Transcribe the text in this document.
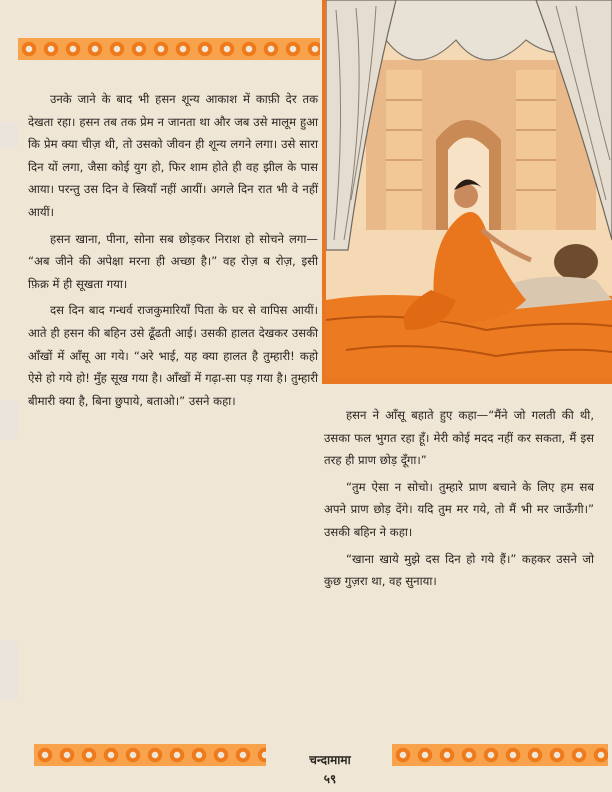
उनके जाने के बाद भी हसन शून्य आकाश में काफ़ी देर तक देखता रहा। हसन तब तक प्रेम न जानता था और जब उसे मालूम हुआ कि प्रेम क्या चीज़ थी, तो उसको जीवन ही शून्य लगने लगा। उसे सारा दिन यों लगा, जैसा कोई युग हो, फिर शाम होते ही वह झील के पास आया। परन्तु उस दिन वे स्त्रियाँ नहीं आयीं। अगले दिन रात भी वे नहीं आयीं।

हसन खाना, पीना, सोना सब छोड़कर निराश हो सोचने लगा— “अब जीने की अपेक्षा मरना ही अच्छा है।” वह रोज़ ब रोज़, इसी फ़िक्र में ही सूखता गया।

दस दिन बाद गन्धर्व राजकुमारियाँ पिता के घर से वापिस आयीं। आते ही हसन की बहिन उसे ढूँढती आई। उसकी हालत देखकर उसकी आँखों में आँसू आ गये। “अरे भाई, यह क्या हालत है तुम्हारी! कहो ऐसे हो गये हो! मुँह सूख गया है। आँखों में गढ़ा-सा पड़ गया है। तुम्हारी बीमारी क्या है, बिना छुपाये, बताओ।” उसने कहा।

हसन ने आँसू बहाते हुए कहा—“मैंने जो गलती की थी, उसका फल भुगत रहा हूँ। मेरी कोई मदद नहीं कर सकता, मैं इस तरह ही प्राण छोड़ दूँगा।”

“तुम ऐसा न सोचो। तुम्हारे प्राण बचाने के लिए हम सब अपने प्राण छोड़ देंगे। यदि तुम मर गये, तो मैं भी मर जाऊँगी।” उसकी बहिन ने कहा।

“खाना खाये मुझे दस दिन हो गये हैं।” कहकर उसने जो कुछ गुज़रा था, वह सुनाया।

चन्दामामा
५९
